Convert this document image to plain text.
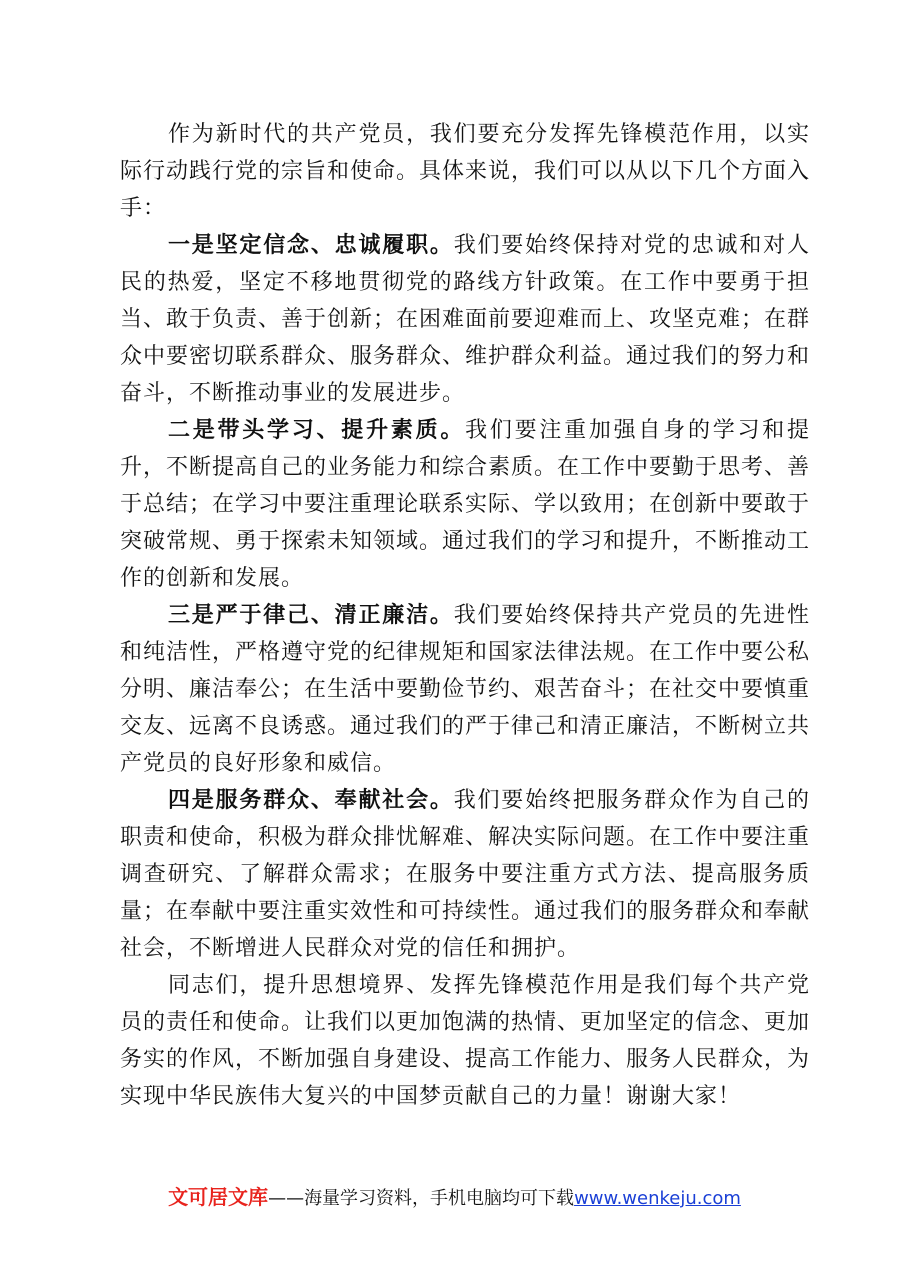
作为新时代的共产党员，我们要充分发挥先锋模范作用，以实际行动践行党的宗旨和使命。具体来说，我们可以从以下几个方面入手：

一是坚定信念、忠诚履职。我们要始终保持对党的忠诚和对人民的热爱，坚定不移地贯彻党的路线方针政策。在工作中要勇于担当、敢于负责、善于创新；在困难面前要迎难而上、攻坚克难；在群众中要密切联系群众、服务群众、维护群众利益。通过我们的努力和奋斗，不断推动事业的发展进步。

二是带头学习、提升素质。我们要注重加强自身的学习和提升，不断提高自己的业务能力和综合素质。在工作中要勤于思考、善于总结；在学习中要注重理论联系实际、学以致用；在创新中要敢于突破常规、勇于探索未知领域。通过我们的学习和提升，不断推动工作的创新和发展。

三是严于律己、清正廉洁。我们要始终保持共产党员的先进性和纯洁性，严格遵守党的纪律规矩和国家法律法规。在工作中要公私分明、廉洁奉公；在生活中要勤俭节约、艰苦奋斗；在社交中要慎重交友、远离不良诱惑。通过我们的严于律己和清正廉洁，不断树立共产党员的良好形象和威信。

四是服务群众、奉献社会。我们要始终把服务群众作为自己的职责和使命，积极为群众排忧解难、解决实际问题。在工作中要注重调查研究、了解群众需求；在服务中要注重方式方法、提高服务质量；在奉献中要注重实效性和可持续性。通过我们的服务群众和奉献社会，不断增进人民群众对党的信任和拥护。

同志们，提升思想境界、发挥先锋模范作用是我们每个共产党员的责任和使命。让我们以更加饱满的热情、更加坚定的信念、更加务实的作风，不断加强自身建设、提高工作能力、服务人民群众，为实现中华民族伟大复兴的中国梦贡献自己的力量！谢谢大家！

文可居文库——海量学习资料，手机电脑均可下载www.wenkeju.com
